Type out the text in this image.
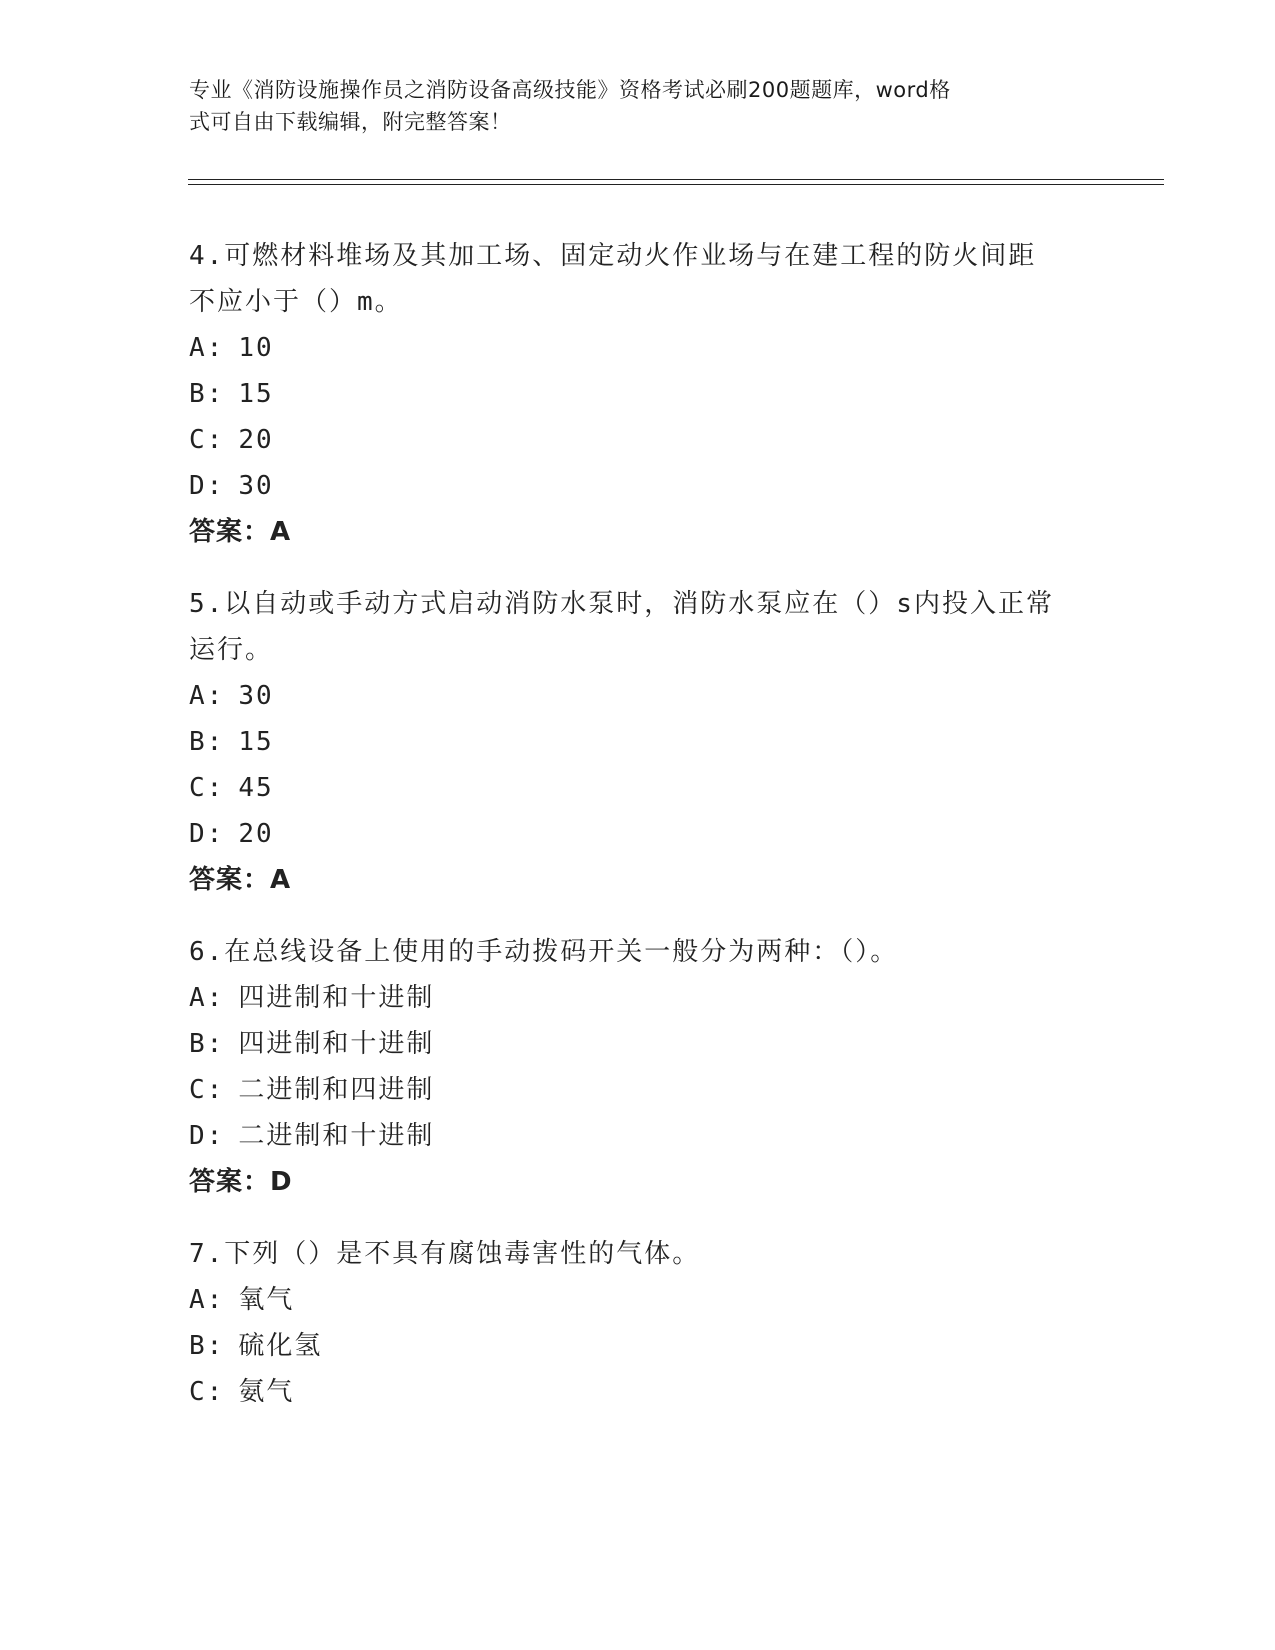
专业《消防设施操作员之消防设备高级技能》资格考试必刷200题题库，word格
式可自由下载编辑，附完整答案！
4.可燃材料堆场及其加工场、固定动火作业场与在建工程的防火间距
不应小于（）m。
A: 10
B: 15
C: 20
D: 30
答案：A
5.以自动或手动方式启动消防水泵时，消防水泵应在（）s内投入正常
运行。
A: 30
B: 15
C: 45
D: 20
答案：A
6.在总线设备上使用的手动拨码开关一般分为两种：（）。
A: 四进制和十进制
B: 四进制和十进制
C: 二进制和四进制
D: 二进制和十进制
答案：D
7.下列（）是不具有腐蚀毒害性的气体。
A: 氧气
B: 硫化氢
C: 氨气
